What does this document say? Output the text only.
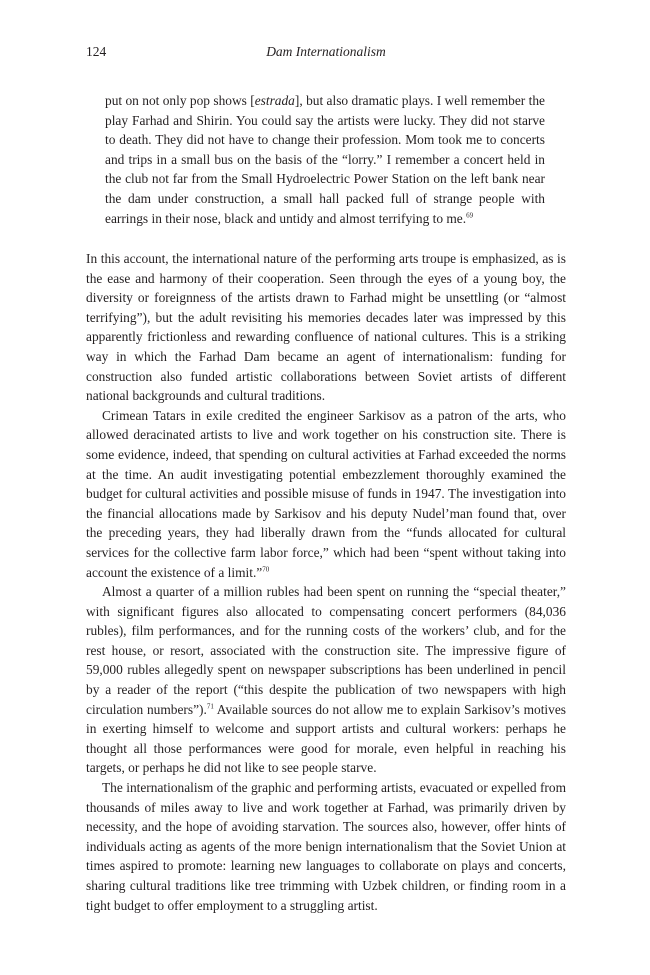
124	Dam Internationalism

put on not only pop shows [estrada], but also dramatic plays. I well remember the play Farhad and Shirin. You could say the artists were lucky. They did not starve to death. They did not have to change their profession. Mom took me to concerts and trips in a small bus on the basis of the “lorry.” I remember a concert held in the club not far from the Small Hydroelectric Power Station on the left bank near the dam under construction, a small hall packed full of strange people with earrings in their nose, black and untidy and almost terrifying to me.$^{69}$

In this account, the international nature of the performing arts troupe is emphasized, as is the ease and harmony of their cooperation. Seen through the eyes of a young boy, the diversity or foreignness of the artists drawn to Farhad might be unsettling (or “almost terrifying”), but the adult revisiting his memories decades later was impressed by this apparently frictionless and rewarding confluence of national cultures. This is a striking way in which the Farhad Dam became an agent of internationalism: funding for construction also funded artistic collaborations between Soviet artists of different national backgrounds and cultural traditions.

Crimean Tatars in exile credited the engineer Sarkisov as a patron of the arts, who allowed deracinated artists to live and work together on his construction site. There is some evidence, indeed, that spending on cultural activities at Farhad exceeded the norms at the time. An audit investigating potential embezzlement thoroughly examined the budget for cultural activities and possible misuse of funds in 1947. The investigation into the financial allocations made by Sarkisov and his deputy Nudel’man found that, over the preceding years, they had liberally drawn from the “funds allocated for cultural services for the collective farm labor force,” which had been “spent without taking into account the existence of a limit.”$^{70}$

Almost a quarter of a million rubles had been spent on running the “special theater,” with significant figures also allocated to compensating concert performers (84,036 rubles), film performances, and for the running costs of the workers’ club, and for the rest house, or resort, associated with the construction site. The impressive figure of 59,000 rubles allegedly spent on newspaper subscriptions has been underlined in pencil by a reader of the report (“this despite the publication of two newspapers with high circulation numbers”).$^{71}$ Available sources do not allow me to explain Sarkisov’s motives in exerting himself to welcome and support artists and cultural workers: perhaps he thought all those performances were good for morale, even helpful in reaching his targets, or perhaps he did not like to see people starve.

The internationalism of the graphic and performing artists, evacuated or expelled from thousands of miles away to live and work together at Farhad, was primarily driven by necessity, and the hope of avoiding starvation. The sources also, however, offer hints of individuals acting as agents of the more benign internationalism that the Soviet Union at times aspired to promote: learning new languages to collaborate on plays and concerts, sharing cultural traditions like tree trimming with Uzbek children, or finding room in a tight budget to offer employment to a struggling artist.
